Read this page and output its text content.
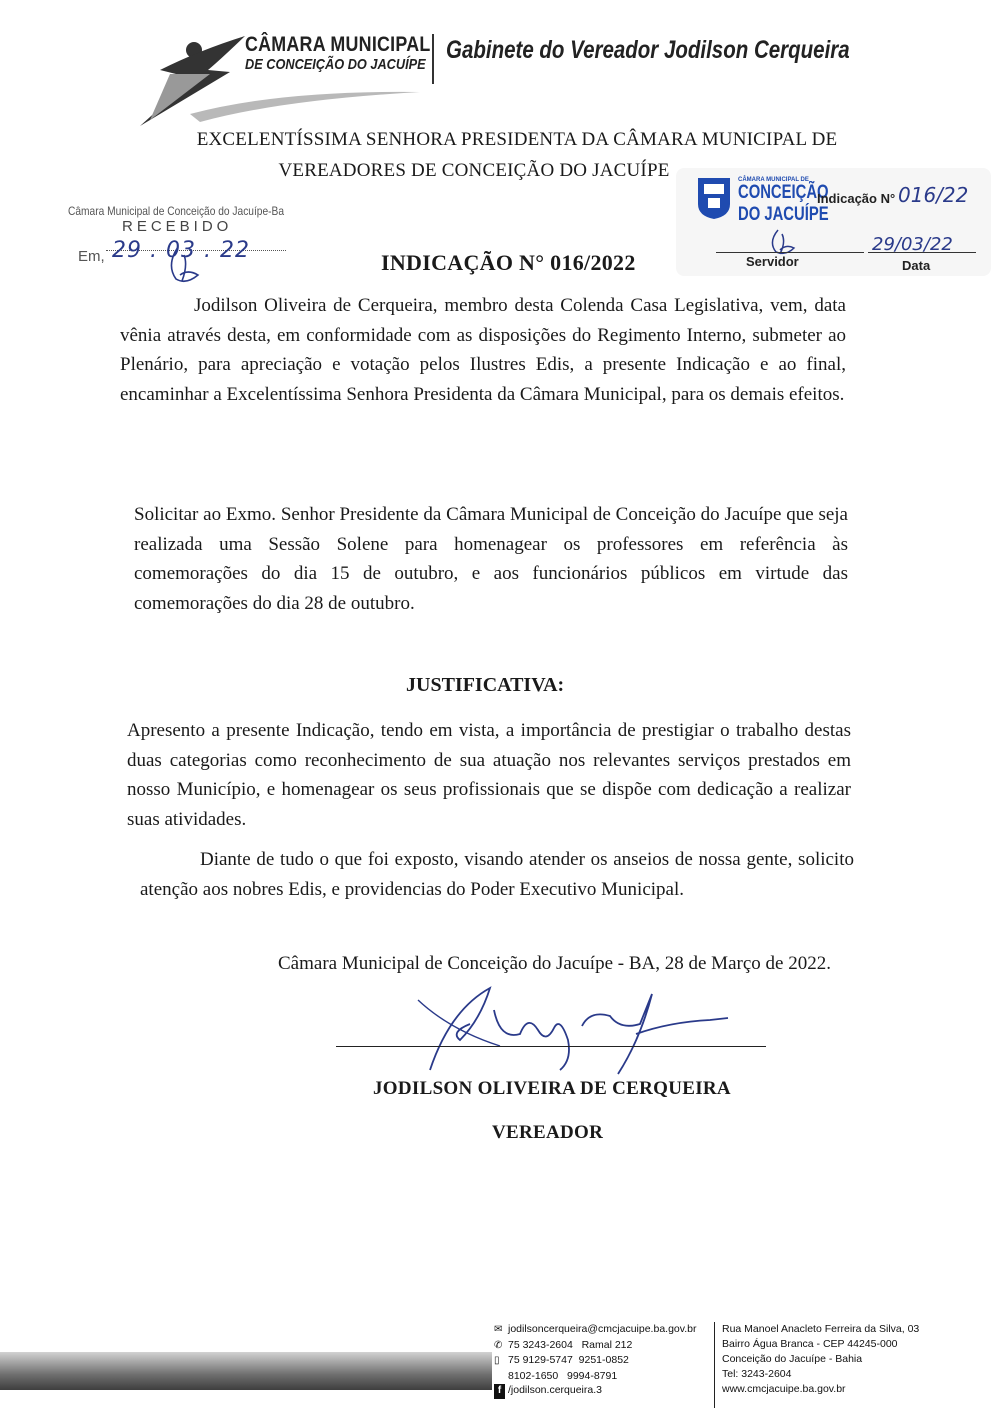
CÂMARA MUNICIPAL
DE CONCEIÇÃO DO JACUÍPE
Gabinete do Vereador Jodilson Cerqueira
EXCELENTÍSSIMA SENHORA PRESIDENTA DA CÂMARA MUNICIPAL DE
VEREADORES DE CONCEIÇÃO DO JACUÍPE
Câmara Municipal de Conceição do Jacuípe-Ba
RECEBIDO
Em, 29 . 03 . 22
CÂMARA MUNICIPAL DE
CONCEIÇÃO
DO JACUÍPE
Indicação N° 016/22
29/03/22
Servidor	Data
INDICAÇÃO N° 016/2022
Jodilson Oliveira de Cerqueira, membro desta Colenda Casa Legislativa, vem, data vênia através desta, em conformidade com as disposições do Regimento Interno, submeter ao Plenário, para apreciação e votação pelos Ilustres Edis, a presente Indicação e ao final, encaminhar a Excelentíssima Senhora Presidenta da Câmara Municipal, para os demais efeitos.
Solicitar ao Exmo. Senhor Presidente da Câmara Municipal de Conceição do Jacuípe que seja realizada uma Sessão Solene para homenagear os professores em referência às comemorações do dia 15 de outubro, e aos funcionários públicos em virtude das comemorações do dia 28 de outubro.
JUSTIFICATIVA:
Apresento a presente Indicação, tendo em vista, a importância de prestigiar o trabalho destas duas categorias como reconhecimento de sua atuação nos relevantes serviços prestados em nosso Município, e homenagear os seus profissionais que se dispõe com dedicação a realizar suas atividades.
Diante de tudo o que foi exposto, visando atender os anseios de nossa gente, solicito atenção aos nobres Edis, e providencias do Poder Executivo Municipal.
Câmara Municipal de Conceição do Jacuípe - BA, 28 de Março de 2022.
JODILSON OLIVEIRA DE CERQUEIRA
VEREADOR
✉ jodilsoncerqueira@cmcjacuipe.ba.gov.br
✆ 75 3243-2604 Ramal 212
▯ 75 9129-5747 9251-0852
8102-1650 9994-8791
f /jodilson.cerqueira.3
Rua Manoel Anacleto Ferreira da Silva, 03
Bairro Água Branca - CEP 44245-000
Conceição do Jacuípe - Bahia
Tel: 3243-2604
www.cmcjacuipe.ba.gov.br
